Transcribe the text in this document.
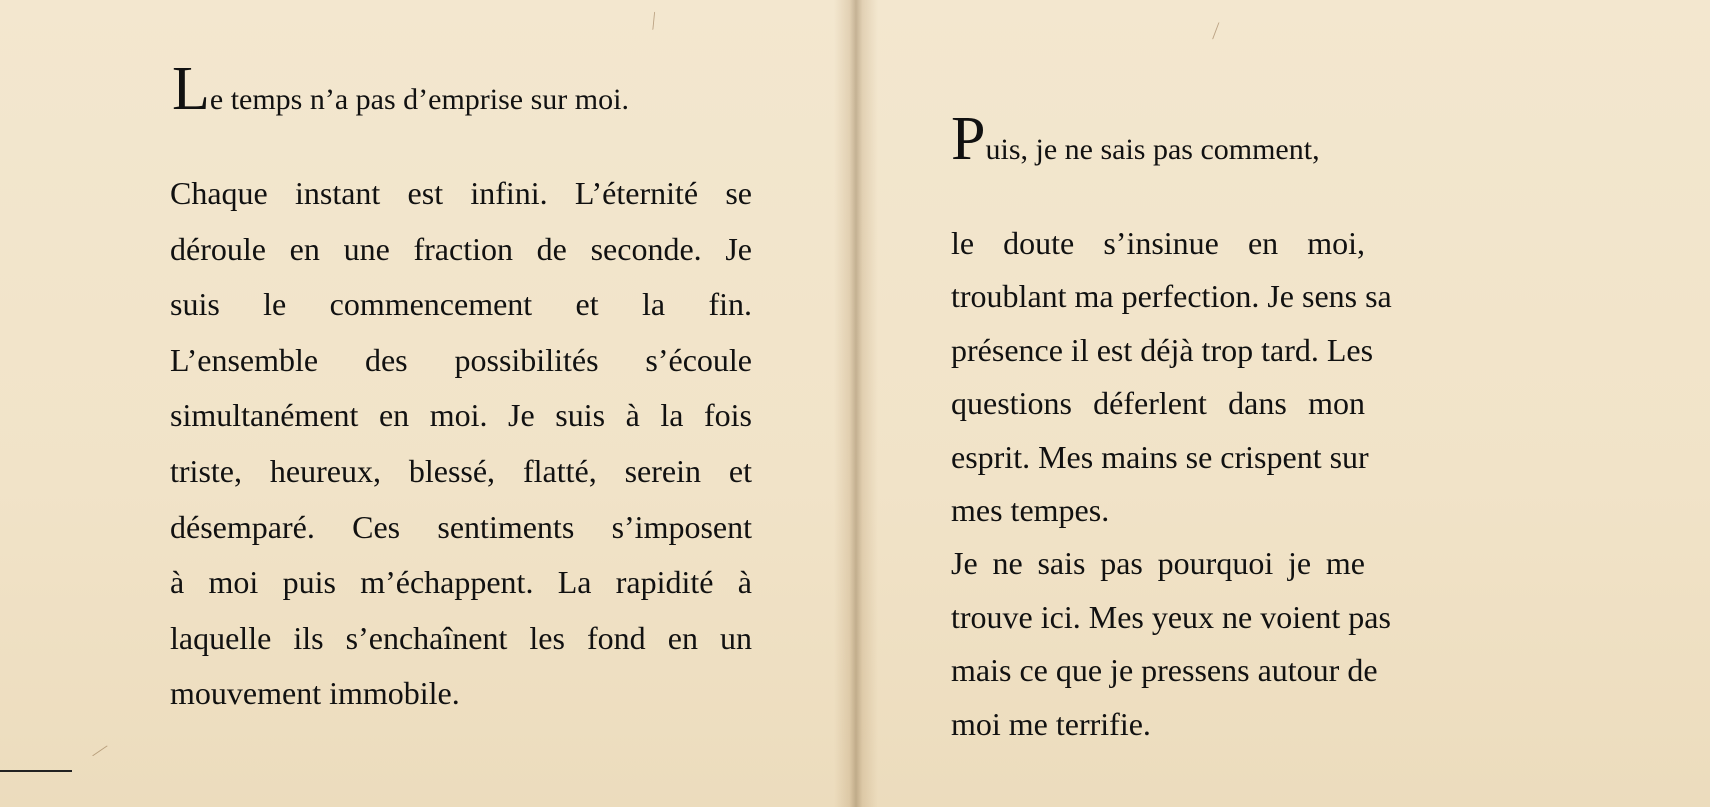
Le temps n’a pas d’emprise sur moi.
Chaque instant est infini. L’éternité se
déroule en une fraction de seconde. Je
suis le commencement et la fin.
L’ensemble des possibilités s’écoule
simultanément en moi. Je suis à la fois
triste, heureux, blessé, flatté, serein et
désemparé. Ces sentiments s’imposent
à moi puis m’échappent. La rapidité à
laquelle ils s’enchaînent les fond en un
mouvement immobile.
Puis, je ne sais pas comment,
le doute s’insinue en moi,
troublant ma perfection. Je sens sa
présence il est déjà trop tard. Les
questions déferlent dans mon
esprit. Mes mains se crispent sur
mes tempes.
Je ne sais pas pourquoi je me
trouve ici. Mes yeux ne voient pas
mais ce que je pressens autour de
moi me terrifie.
⁄
⁄
⁄
